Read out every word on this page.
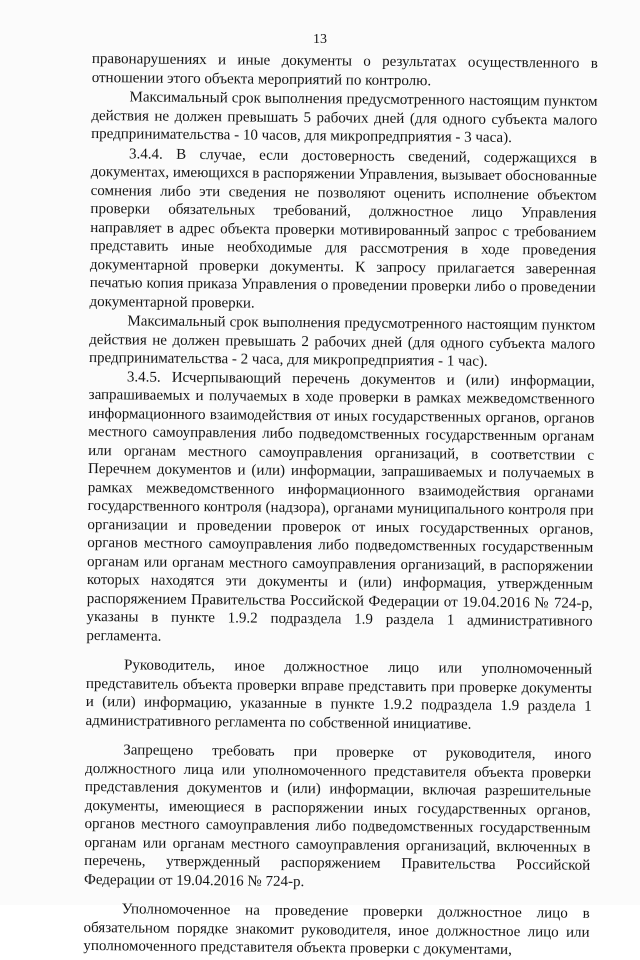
13

правонарушениях и иные документы о результатах осуществленного в отношении этого объекта мероприятий по контролю.

Максимальный срок выполнения предусмотренного настоящим пунктом действия не должен превышать 5 рабочих дней (для одного субъекта малого предпринимательства - 10 часов, для микропредприятия - 3 часа).

3.4.4. В случае, если достоверность сведений, содержащихся в документах, имеющихся в распоряжении Управления, вызывает обоснованные сомнения либо эти сведения не позволяют оценить исполнение объектом проверки обязательных требований, должностное лицо Управления направляет в адрес объекта проверки мотивированный запрос с требованием представить иные необходимые для рассмотрения в ходе проведения документарной проверки документы. К запросу прилагается заверенная печатью копия приказа Управления о проведении проверки либо о проведении документарной проверки.

Максимальный срок выполнения предусмотренного настоящим пунктом действия не должен превышать 2 рабочих дней (для одного субъекта малого предпринимательства - 2 часа, для микропредприятия - 1 час).

3.4.5. Исчерпывающий перечень документов и (или) информации, запрашиваемых и получаемых в ходе проверки в рамках межведомственного информационного взаимодействия от иных государственных органов, органов местного самоуправления либо подведомственных государственным органам или органам местного самоуправления организаций, в соответствии с Перечнем документов и (или) информации, запрашиваемых и получаемых в рамках межведомственного информационного взаимодействия органами государственного контроля (надзора), органами муниципального контроля при организации и проведении проверок от иных государственных органов, органов местного самоуправления либо подведомственных государственным органам или органам местного самоуправления организаций, в распоряжении которых находятся эти документы и (или) информация, утвержденным распоряжением Правительства Российской Федерации от 19.04.2016 № 724-р, указаны в пункте 1.9.2 подраздела 1.9 раздела 1 административного регламента.

Руководитель, иное должностное лицо или уполномоченный представитель объекта проверки вправе представить при проверке документы и (или) информацию, указанные в пункте 1.9.2 подраздела 1.9 раздела 1 административного регламента по собственной инициативе.

Запрещено требовать при проверке от руководителя, иного должностного лица или уполномоченного представителя объекта проверки представления документов и (или) информации, включая разрешительные документы, имеющиеся в распоряжении иных государственных органов, органов местного самоуправления либо подведомственных государственным органам или органам местного самоуправления организаций, включенных в перечень, утвержденный распоряжением Правительства Российской Федерации от 19.04.2016 № 724-р.

Уполномоченное на проведение проверки должностное лицо в обязательном порядке знакомит руководителя, иное должностное лицо или уполномоченного представителя объекта проверки с документами,
